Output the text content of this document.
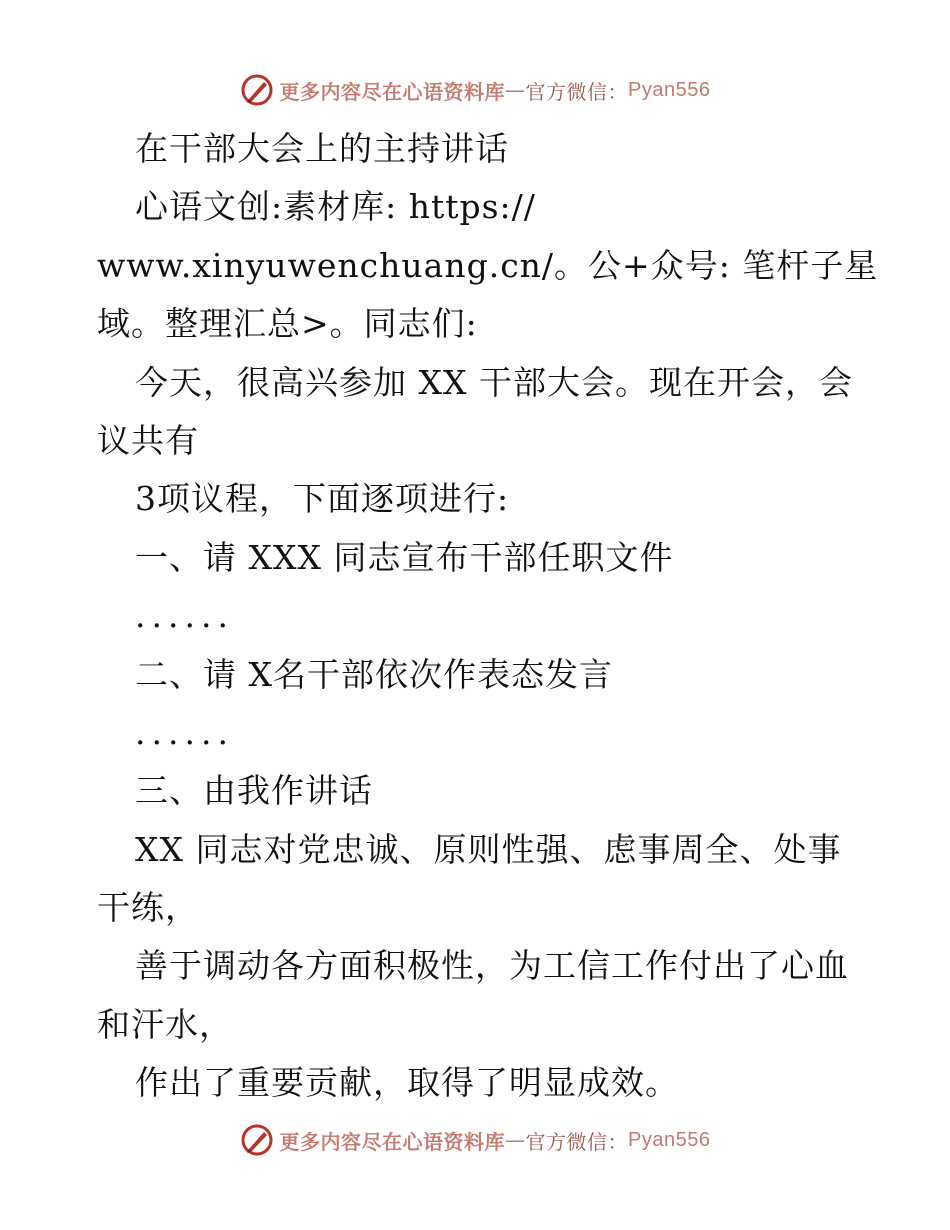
更多内容尽在心语资料库 — 官方微信： Pyan556
在干部大会上的主持讲话
心语文创:素材库: https://
www.xinyuwenchuang.cn/。公+众号: 笔杆子星
域。整理汇总>。同志们:
今天，很高兴参加 XX 干部大会。现在开会，会
议共有
3项议程，下面逐项进行:
一、请 XXX 同志宣布干部任职文件
......
二、请 X名干部依次作表态发言
......
三、由我作讲话
XX 同志对党忠诚、原则性强、虑事周全、处事
干练，
善于调动各方面积极性，为工信工作付出了心血
和汗水，
作出了重要贡献，取得了明显成效。
更多内容尽在心语资料库 — 官方微信： Pyan556
